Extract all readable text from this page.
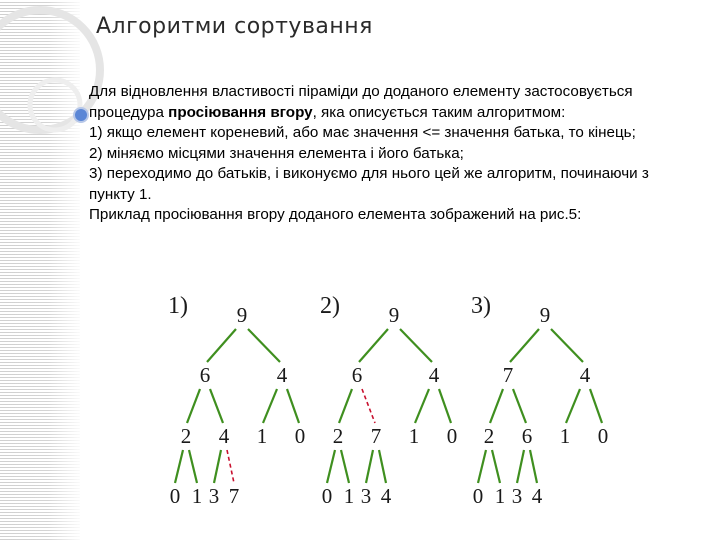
Алгоритми сортування

Для відновлення властивості піраміди до доданого елементу застосовується процедура просіювання вгору, яка описується таким алгоритмом:

1) якщо елемент кореневий, або має значення <= значення батька, то кінець;

2) міняємо місцями значення елемента і його батька;

3) переходимо до батьків, і виконуємо для нього цей же алгоритм, починаючи з пункту 1.

Приклад просіювання вгору доданого елемента зображений на рис.5:

1) 9
6	4
2 4 1 0
0 1 3 7
2) 9
6	4
2 7 1 0
0 1 3 4
3) 9
7	4
2 6 1 0
0 1 3 4
